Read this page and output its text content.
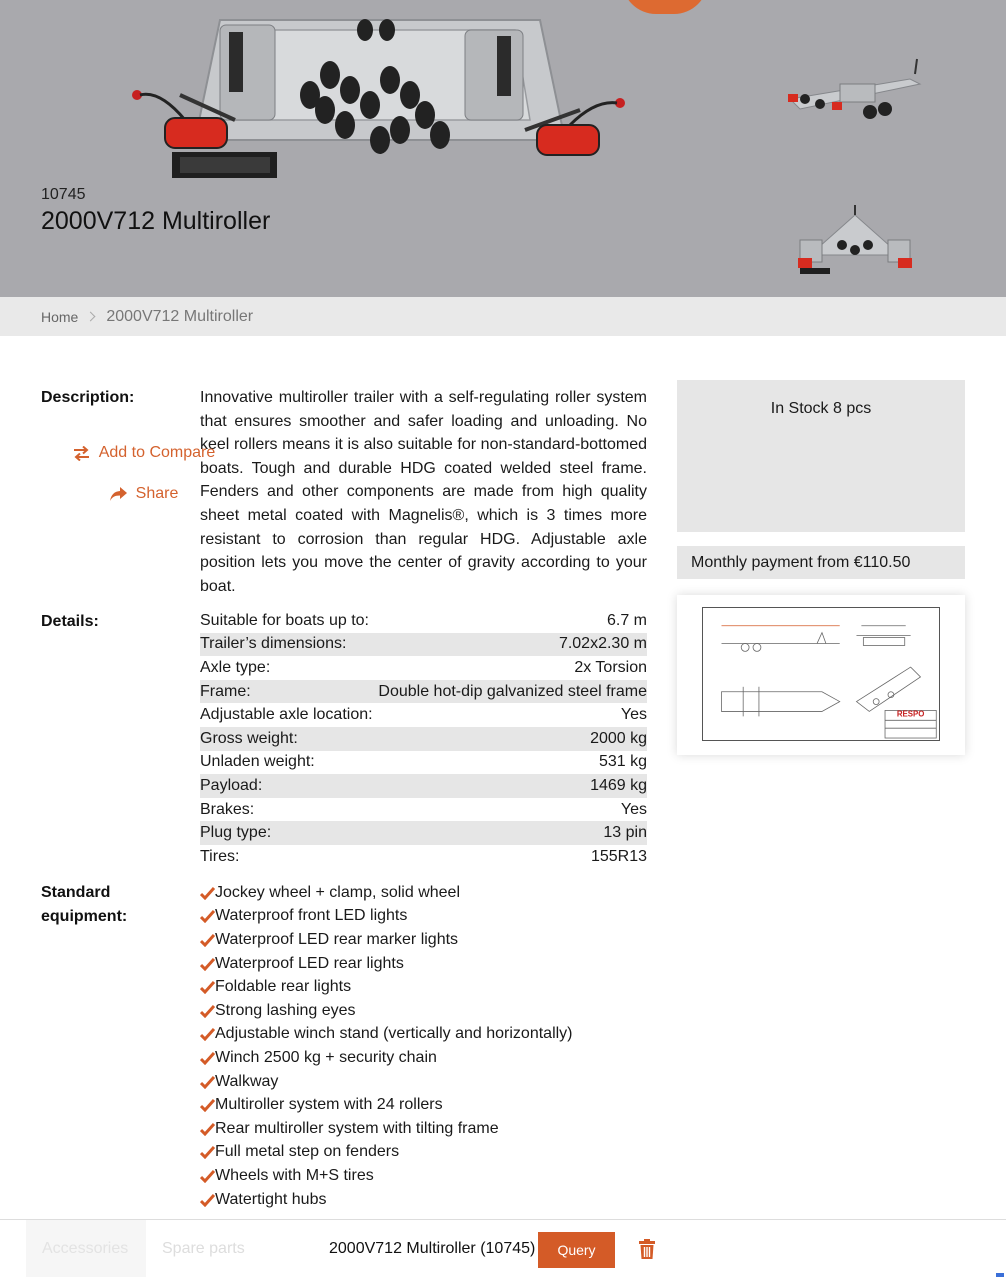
10745
2000V712 Multiroller
Home 2000V712 Multiroller
Description:	Innovative multiroller trailer with a self-regulating roller system that ensures smoother and safer loading and unloading. No keel rollers means it is also suitable for non-standard-bottomed boats. Tough and durable HDG coated welded steel frame. Fenders and other components are made from high quality sheet metal coated with Magnelis®, which is 3 times more resistant to corrosion than regular HDG. Adjustable axle position lets you move the center of gravity according to your boat.

Details:	Suitable for boats up to:	6.7 m
Trailer’s dimensions:	7.02x2.30 m
Axle type:	2x Torsion
Frame:	Double hot-dip galvanized steel frame
Adjustable axle location:	Yes
Gross weight:	2000 kg
Unladen weight:	531 kg
Payload:	1469 kg
Brakes:	Yes
Plug type:	13 pin
Tires:	155R13
Standard
equipment:
Jockey wheel + clamp, solid wheel
Waterproof front LED lights
Waterproof LED rear marker lights
Waterproof LED rear lights
Foldable rear lights
Strong lashing eyes
Adjustable winch stand (vertically and horizontally)
Winch 2500 kg + security chain
Walkway
Multiroller system with 24 rollers
Rear multiroller system with tilting frame
Full metal step on fenders
Wheels with M+S tires
Watertight hubs
In Stock 8 pcs
Add to Compare
Share
Monthly payment from €110.50
RESPO
Accessories	Spare parts	2000V712 Multiroller (10745)	Query
